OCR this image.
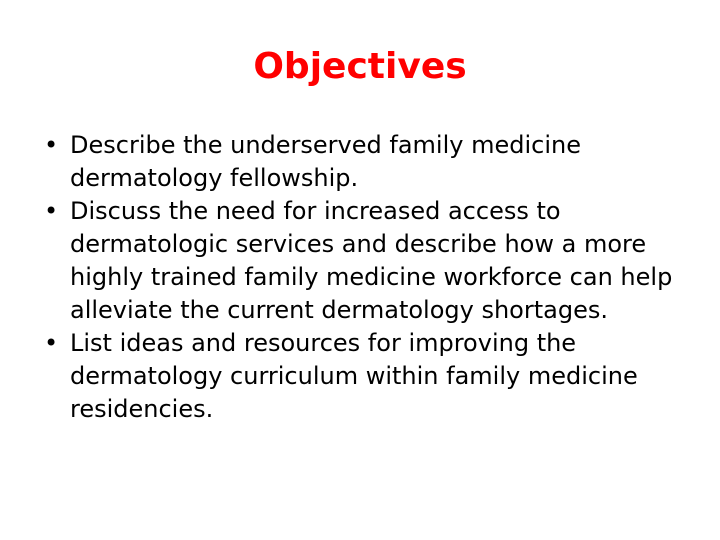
Objectives
• Describe the underserved family medicine dermatology fellowship.
• Discuss the need for increased access to dermatologic services and describe how a more highly trained family medicine workforce can help alleviate the current dermatology shortages.
• List ideas and resources for improving the dermatology curriculum within family medicine residencies.
